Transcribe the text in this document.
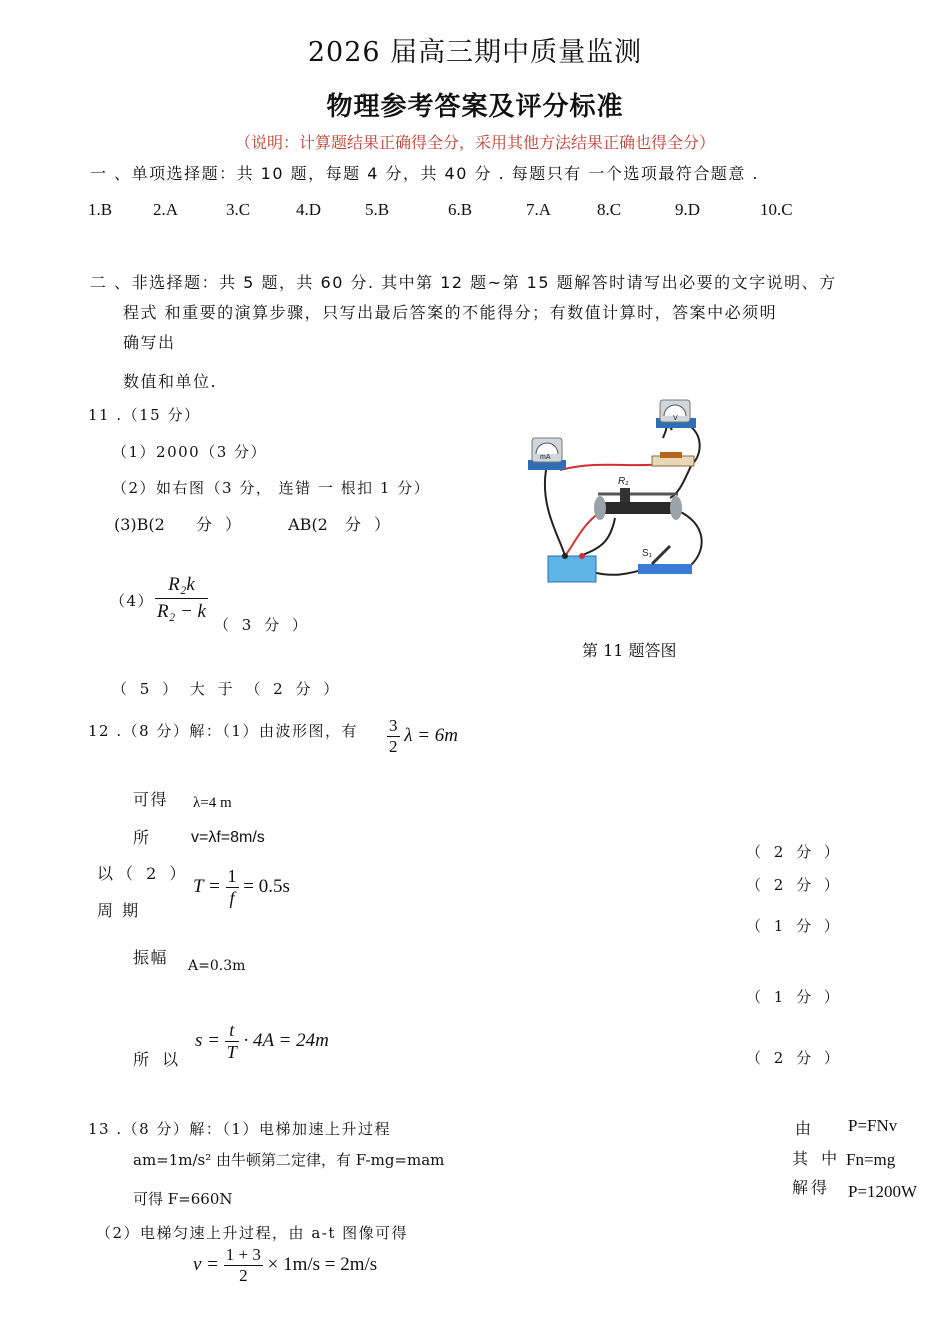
2026 届高三期中质量监测
物理参考答案及评分标准
（说明：计算题结果正确得全分，采用其他方法结果正确也得全分）
一 、单项选择题：共 10 题，每题 4 分，共 40 分 . 每题只有 一个选项最符合题意 .
1.B 2.A	3.C	4.D	5.B	6.B	7.A	8.C	9.D	10.C
二 、非选择题：共 5 题，共 60 分. 其中第 12 题~第 15 题解答时请写出必要的文字说明、方
程式 和重要的演算步骤，只写出最后答案的不能得分；有数值计算时，答案中必须明
确写出
数值和单位.
11 .（15 分）
（1）2000（3 分）
（2）如右图（3 分， 连错 一 根扣 1 分）
(3)B(2 分 ）	AB(2 分 ）
$(4) \frac{\text{R₂k}}{\text{R₂ − k}}$
（ 3 分 ）
（ 5 ） 大 于 （ 2 分 ）
mA
V
R₁
S₁
第 11 题答图
12 .（8 分）解：（1）由波形图，有 $\frac{3}{2}$ λ = 6m
可得 λ=4 m
所	v=λf=8m/s
以（ 2 ）
周 期
$T = \frac{1}{f} = 0.5s$
振幅 A=0.3m
$s = \frac{t}{T} \cdot 4A = 24m$
所 以
（ 2 分 ）
（ 2 分 ）
（ 1 分 ）
（ 1 分 ）
（ 2 分 ）
13 .（8 分）解：（1）电梯加速上升过程
am=1m/s² 由牛顿第二定律，有 F-mg=mam
可得 F=660N
（2）电梯匀速上升过程，由 a-t 图像可得
$v = \frac{1 + 3}{2} \times 1m/s = 2m/s$
由
其 中
解得
P=FNv
Fn=mg
P=1200W
